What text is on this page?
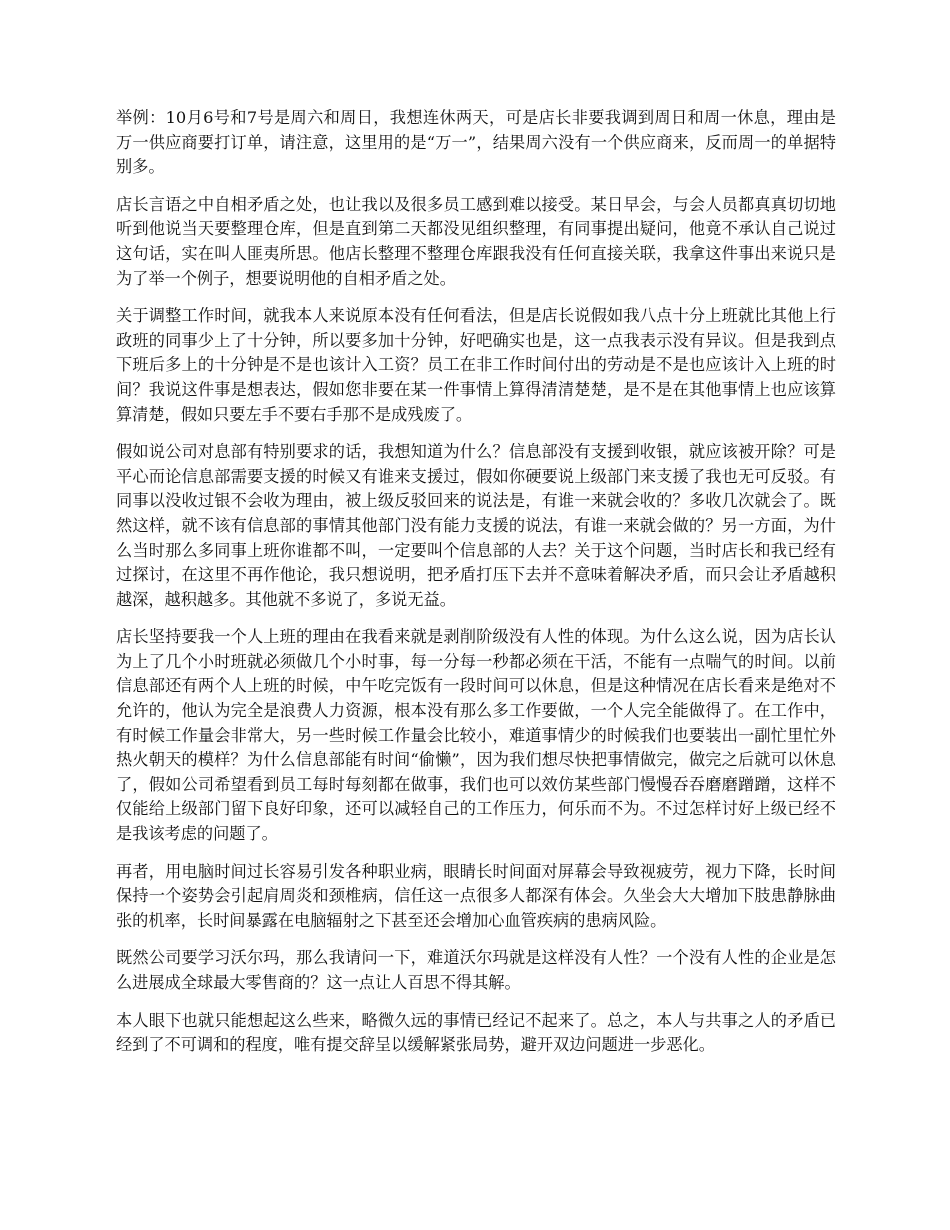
举例：10月6号和7号是周六和周日，我想连休两天，可是店长非要我调到周日和周一休息，理由是万一供应商要打订单，请注意，这里用的是“万一”，结果周六没有一个供应商来，反而周一的单据特别多。

店长言语之中自相矛盾之处，也让我以及很多员工感到难以接受。某日早会，与会人员都真真切切地听到他说当天要整理仓库，但是直到第二天都没见组织整理，有同事提出疑问，他竟不承认自己说过这句话，实在叫人匪夷所思。他店长整理不整理仓库跟我没有任何直接关联，我拿这件事出来说只是为了举一个例子，想要说明他的自相矛盾之处。

关于调整工作时间，就我本人来说原本没有任何看法，但是店长说假如我八点十分上班就比其他上行政班的同事少上了十分钟，所以要多加十分钟，好吧确实也是，这一点我表示没有异议。但是我到点下班后多上的十分钟是不是也该计入工资？员工在非工作时间付出的劳动是不是也应该计入上班的时间？我说这件事是想表达，假如您非要在某一件事情上算得清清楚楚，是不是在其他事情上也应该算算清楚，假如只要左手不要右手那不是成残废了。

假如说公司对息部有特别要求的话，我想知道为什么？信息部没有支援到收银，就应该被开除？可是平心而论信息部需要支援的时候又有谁来支援过，假如你硬要说上级部门来支援了我也无可反驳。有同事以没收过银不会收为理由，被上级反驳回来的说法是，有谁一来就会收的？多收几次就会了。既然这样，就不该有信息部的事情其他部门没有能力支援的说法，有谁一来就会做的？另一方面，为什么当时那么多同事上班你谁都不叫，一定要叫个信息部的人去？关于这个问题，当时店长和我已经有过探讨，在这里不再作他论，我只想说明，把矛盾打压下去并不意味着解决矛盾，而只会让矛盾越积越深，越积越多。其他就不多说了，多说无益。

店长坚持要我一个人上班的理由在我看来就是剥削阶级没有人性的体现。为什么这么说，因为店长认为上了几个小时班就必须做几个小时事，每一分每一秒都必须在干活，不能有一点喘气的时间。以前信息部还有两个人上班的时候，中午吃完饭有一段时间可以休息，但是这种情况在店长看来是绝对不允许的，他认为完全是浪费人力资源，根本没有那么多工作要做，一个人完全能做得了。在工作中，有时候工作量会非常大，另一些时候工作量会比较小，难道事情少的时候我们也要装出一副忙里忙外热火朝天的模样？为什么信息部能有时间“偷懒”，因为我们想尽快把事情做完，做完之后就可以休息了，假如公司希望看到员工每时每刻都在做事，我们也可以效仿某些部门慢慢吞吞磨磨蹭蹭，这样不仅能给上级部门留下良好印象，还可以减轻自己的工作压力，何乐而不为。不过怎样讨好上级已经不是我该考虑的问题了。

再者，用电脑时间过长容易引发各种职业病，眼睛长时间面对屏幕会导致视疲劳，视力下降，长时间保持一个姿势会引起肩周炎和颈椎病，信任这一点很多人都深有体会。久坐会大大增加下肢患静脉曲张的机率，长时间暴露在电脑辐射之下甚至还会增加心血管疾病的患病风险。

既然公司要学习沃尔玛，那么我请问一下，难道沃尔玛就是这样没有人性？一个没有人性的企业是怎么进展成全球最大零售商的？这一点让人百思不得其解。

本人眼下也就只能想起这么些来，略微久远的事情已经记不起来了。总之，本人与共事之人的矛盾已经到了不可调和的程度，唯有提交辞呈以缓解紧张局势，避开双边问题进一步恶化。
